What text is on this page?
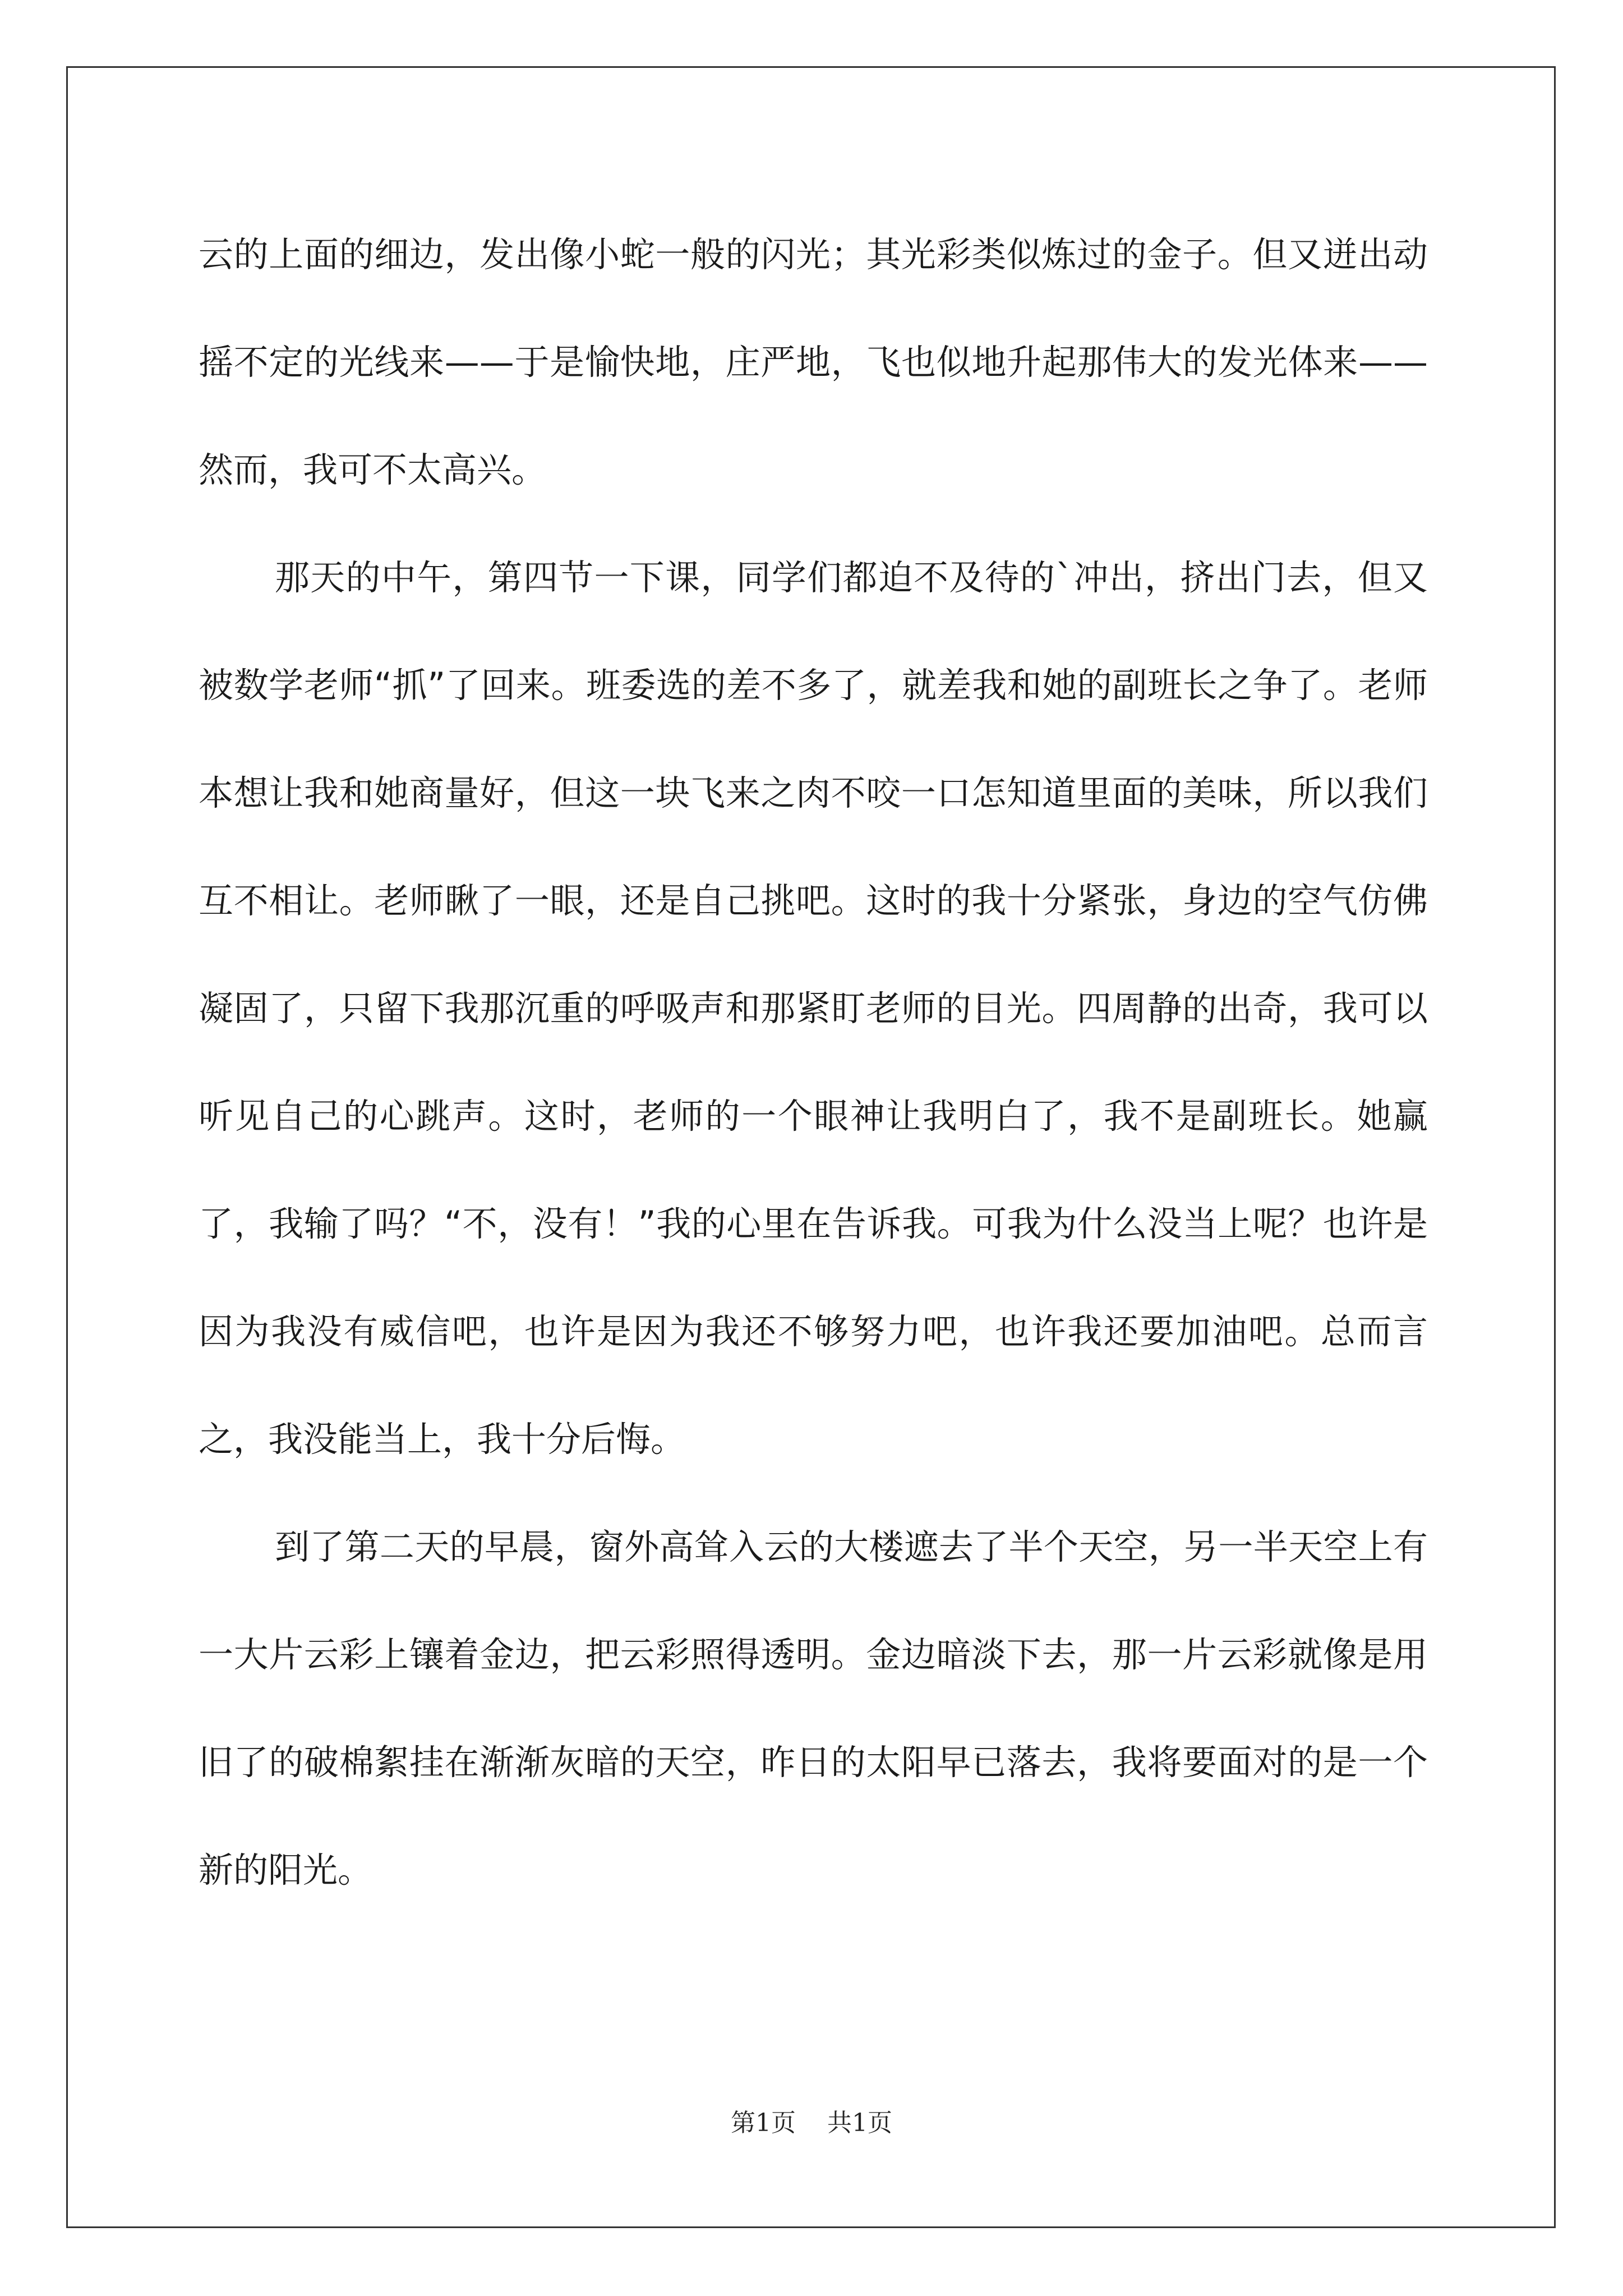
云的上面的细边，发出像小蛇一般的闪光；其光彩类似炼过的金子。但又迸出动摇不定的光线来——于是愉快地，庄严地，飞也似地升起那伟大的发光体来——然而，我可不太高兴。

那天的中午，第四节一下课，同学们都迫不及待的`冲出，挤出门去，但又被数学老师“抓”了回来。班委选的差不多了，就差我和她的副班长之争了。老师本想让我和她商量好，但这一块飞来之肉不咬一口怎知道里面的美味，所以我们互不相让。老师瞅了一眼，还是自己挑吧。这时的我十分紧张，身边的空气仿佛凝固了，只留下我那沉重的呼吸声和那紧盯老师的目光。四周静的出奇，我可以听见自己的心跳声。这时，老师的一个眼神让我明白了，我不是副班长。她赢了，我输了吗？“不，没有！”我的心里在告诉我。可我为什么没当上呢？也许是因为我没有威信吧，也许是因为我还不够努力吧，也许我还要加油吧。总而言之，我没能当上，我十分后悔。

到了第二天的早晨，窗外高耸入云的大楼遮去了半个天空，另一半天空上有一大片云彩上镶着金边，把云彩照得透明。金边暗淡下去，那一片云彩就像是用旧了的破棉絮挂在渐渐灰暗的天空，昨日的太阳早已落去，我将要面对的是一个新的阳光。

第1页 共1页
